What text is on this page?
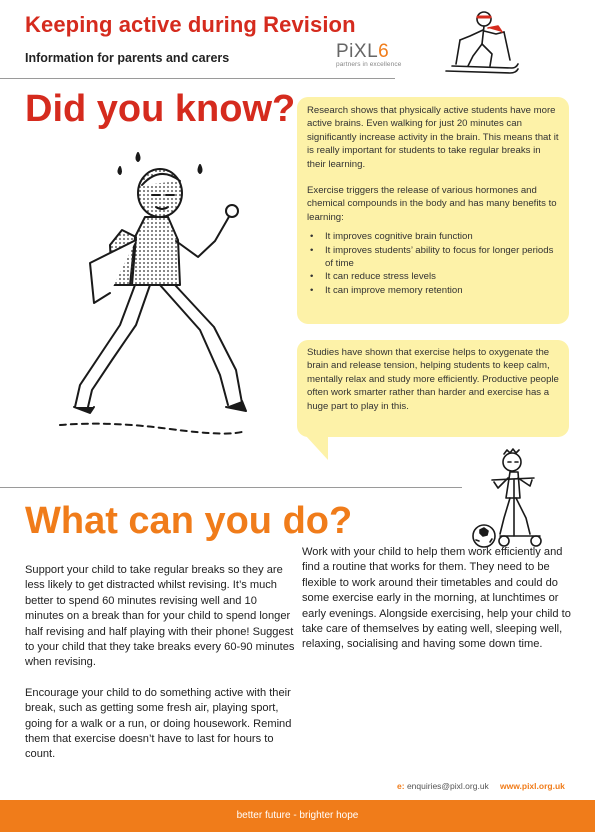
Keeping active during Revision
Information for parents and carers	PiXL6
partners in excellence
Did you know? Research shows that physically active students have more active brains. Even walking for just 20 minutes can significantly increase activity in the brain. This means that it is really important for students to take regular breaks in their learning.

Exercise triggers the release of various hormones and chemical compounds in the body and has many benefits to learning:

• It improves cognitive brain function
• It improves students’ ability to focus for longer periods of time
• It can reduce stress levels
• It can improve memory retention

Studies have shown that exercise helps to oxygenate the brain and release tension, helping students to keep calm, mentally relax and study more efficiently. Productive people often work smarter rather than harder and exercise has a huge part to play in this.

What can you do?

Support your child to take regular breaks so they are less likely to get distracted whilst revising. It’s much better to spend 60 minutes revising well and 10 minutes on a break than for your child to spend longer half revising and half playing with their phone! Suggest to your child that they take breaks every 60-90 minutes when revising.

Encourage your child to do something active with their break, such as getting some fresh air, playing sport, going for a walk or a run, or doing housework. Remind them that exercise doesn’t have to last for hours to count.

Work with your child to help them work efficiently and find a routine that works for them. They need to be flexible to work around their timetables and could do some exercise early in the morning, at lunchtimes or early evenings. Alongside exercising, help your child to take care of themselves by eating well, sleeping well, relaxing, socialising and having some down time.

e: enquiries@pixl.org.uk www.pixl.org.uk
better future - brighter hope
